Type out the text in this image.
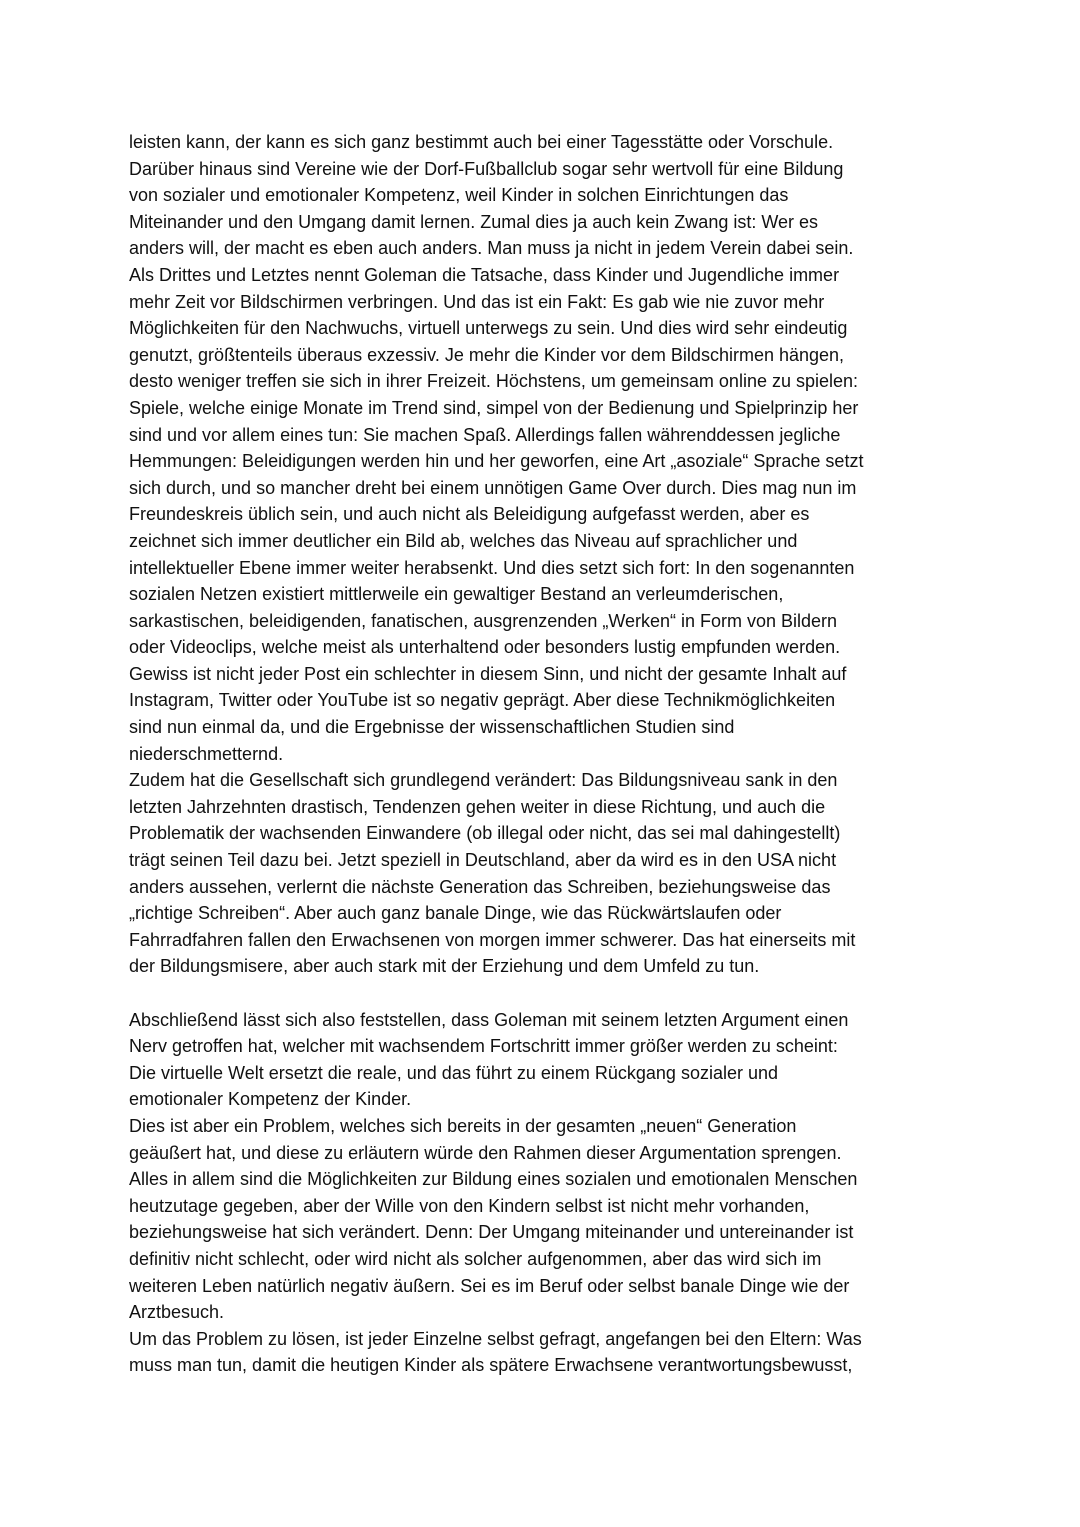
leisten kann, der kann es sich ganz bestimmt auch bei einer Tagesstätte oder Vorschule.
Darüber hinaus sind Vereine wie der Dorf-Fußballclub sogar sehr wertvoll für eine Bildung
von sozialer und emotionaler Kompetenz, weil Kinder in solchen Einrichtungen das
Miteinander und den Umgang damit lernen. Zumal dies ja auch kein Zwang ist: Wer es
anders will, der macht es eben auch anders. Man muss ja nicht in jedem Verein dabei sein.
Als Drittes und Letztes nennt Goleman die Tatsache, dass Kinder und Jugendliche immer
mehr Zeit vor Bildschirmen verbringen. Und das ist ein Fakt: Es gab wie nie zuvor mehr
Möglichkeiten für den Nachwuchs, virtuell unterwegs zu sein. Und dies wird sehr eindeutig
genutzt, größtenteils überaus exzessiv. Je mehr die Kinder vor dem Bildschirmen hängen,
desto weniger treffen sie sich in ihrer Freizeit. Höchstens, um gemeinsam online zu spielen:
Spiele, welche einige Monate im Trend sind, simpel von der Bedienung und Spielprinzip her
sind und vor allem eines tun: Sie machen Spaß. Allerdings fallen währenddessen jegliche
Hemmungen: Beleidigungen werden hin und her geworfen, eine Art „asoziale“ Sprache setzt
sich durch, und so mancher dreht bei einem unnötigen Game Over durch. Dies mag nun im
Freundeskreis üblich sein, und auch nicht als Beleidigung aufgefasst werden, aber es
zeichnet sich immer deutlicher ein Bild ab, welches das Niveau auf sprachlicher und
intellektueller Ebene immer weiter herabsenkt. Und dies setzt sich fort: In den sogenannten
sozialen Netzen existiert mittlerweile ein gewaltiger Bestand an verleumderischen,
sarkastischen, beleidigenden, fanatischen, ausgrenzenden „Werken“ in Form von Bildern
oder Videoclips, welche meist als unterhaltend oder besonders lustig empfunden werden.
Gewiss ist nicht jeder Post ein schlechter in diesem Sinn, und nicht der gesamte Inhalt auf
Instagram, Twitter oder YouTube ist so negativ geprägt. Aber diese Technikmöglichkeiten
sind nun einmal da, und die Ergebnisse der wissenschaftlichen Studien sind
niederschmetternd.
Zudem hat die Gesellschaft sich grundlegend verändert: Das Bildungsniveau sank in den
letzten Jahrzehnten drastisch, Tendenzen gehen weiter in diese Richtung, und auch die
Problematik der wachsenden Einwandere (ob illegal oder nicht, das sei mal dahingestellt)
trägt seinen Teil dazu bei. Jetzt speziell in Deutschland, aber da wird es in den USA nicht
anders aussehen, verlernt die nächste Generation das Schreiben, beziehungsweise das
„richtige Schreiben“. Aber auch ganz banale Dinge, wie das Rückwärtslaufen oder
Fahrradfahren fallen den Erwachsenen von morgen immer schwerer. Das hat einerseits mit
der Bildungsmisere, aber auch stark mit der Erziehung und dem Umfeld zu tun.
Abschließend lässt sich also feststellen, dass Goleman mit seinem letzten Argument einen
Nerv getroffen hat, welcher mit wachsendem Fortschritt immer größer werden zu scheint:
Die virtuelle Welt ersetzt die reale, und das führt zu einem Rückgang sozialer und
emotionaler Kompetenz der Kinder.
Dies ist aber ein Problem, welches sich bereits in der gesamten „neuen“ Generation
geäußert hat, und diese zu erläutern würde den Rahmen dieser Argumentation sprengen.
Alles in allem sind die Möglichkeiten zur Bildung eines sozialen und emotionalen Menschen
heutzutage gegeben, aber der Wille von den Kindern selbst ist nicht mehr vorhanden,
beziehungsweise hat sich verändert. Denn: Der Umgang miteinander und untereinander ist
definitiv nicht schlecht, oder wird nicht als solcher aufgenommen, aber das wird sich im
weiteren Leben natürlich negativ äußern. Sei es im Beruf oder selbst banale Dinge wie der
Arztbesuch.
Um das Problem zu lösen, ist jeder Einzelne selbst gefragt, angefangen bei den Eltern: Was
muss man tun, damit die heutigen Kinder als spätere Erwachsene verantwortungsbewusst,
